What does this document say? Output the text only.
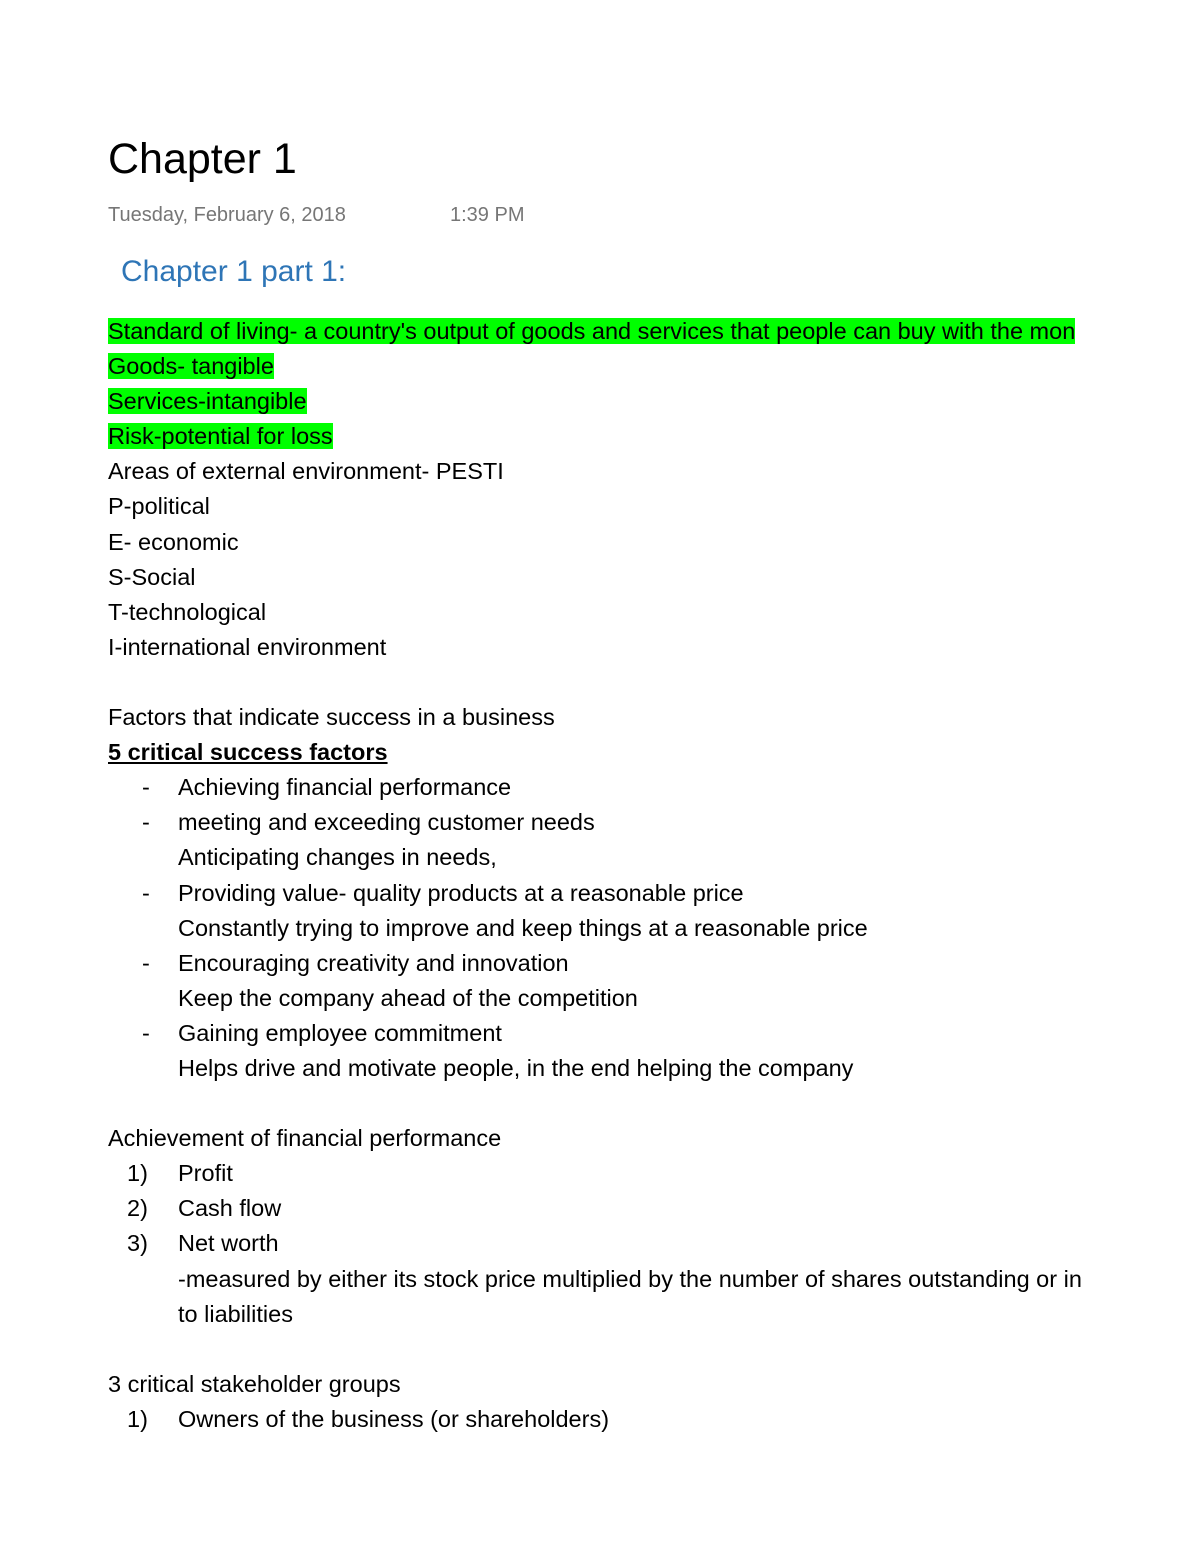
Chapter 1
Tuesday, February 6, 2018	1:39 PM
Chapter 1 part 1:
Standard of living- a country's output of goods and services that people can buy with the mon
Goods- tangible
Services-intangible
Risk-potential for loss
Areas of external environment- PESTI
P-political
E- economic
S-Social
T-technological
I-international environment
Factors that indicate success in a business
5 critical success factors
- Achieving financial performance
- meeting and exceeding customer needs
Anticipating changes in needs,
- Providing value- quality products at a reasonable price
Constantly trying to improve and keep things at a reasonable price
- Encouraging creativity and innovation
Keep the company ahead of the competition
- Gaining employee commitment
Helps drive and motivate people, in the end helping the company
Achievement of financial performance
1) Profit
2) Cash flow
3) Net worth
-measured by either its stock price multiplied by the number of shares outstanding or in
to liabilities
3 critical stakeholder groups
1) Owners of the business (or shareholders)
